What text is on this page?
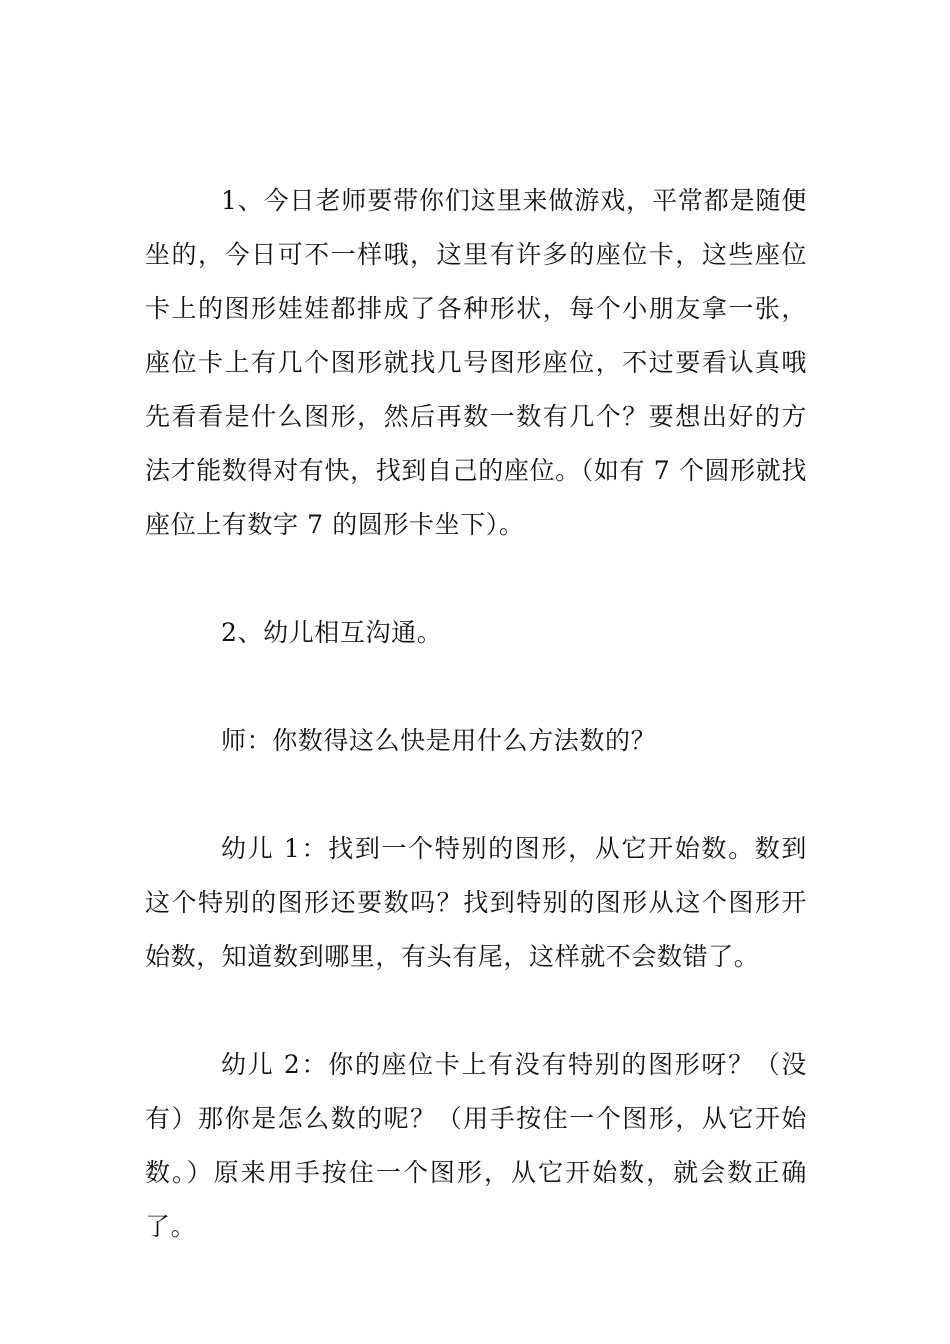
1、今日老师要带你们这里来做游戏，平常都是随便坐的，今日可不一样哦，这里有许多的座位卡，这些座位卡上的图形娃娃都排成了各种形状，每个小朋友拿一张，座位卡上有几个图形就找几号图形座位，不过要看认真哦先看看是什么图形，然后再数一数有几个？要想出好的方法才能数得对有快，找到自己的座位。（如有 7 个圆形就找座位上有数字 7 的圆形卡坐下）。

2、幼儿相互沟通。

师：你数得这么快是用什么方法数的？

幼儿 1：找到一个特别的图形，从它开始数。数到这个特别的图形还要数吗？找到特别的图形从这个图形开始数，知道数到哪里，有头有尾，这样就不会数错了。

幼儿 2：你的座位卡上有没有特别的图形呀？（没有）那你是怎么数的呢？（用手按住一个图形，从它开始数。）原来用手按住一个图形，从它开始数，就会数正确了。
